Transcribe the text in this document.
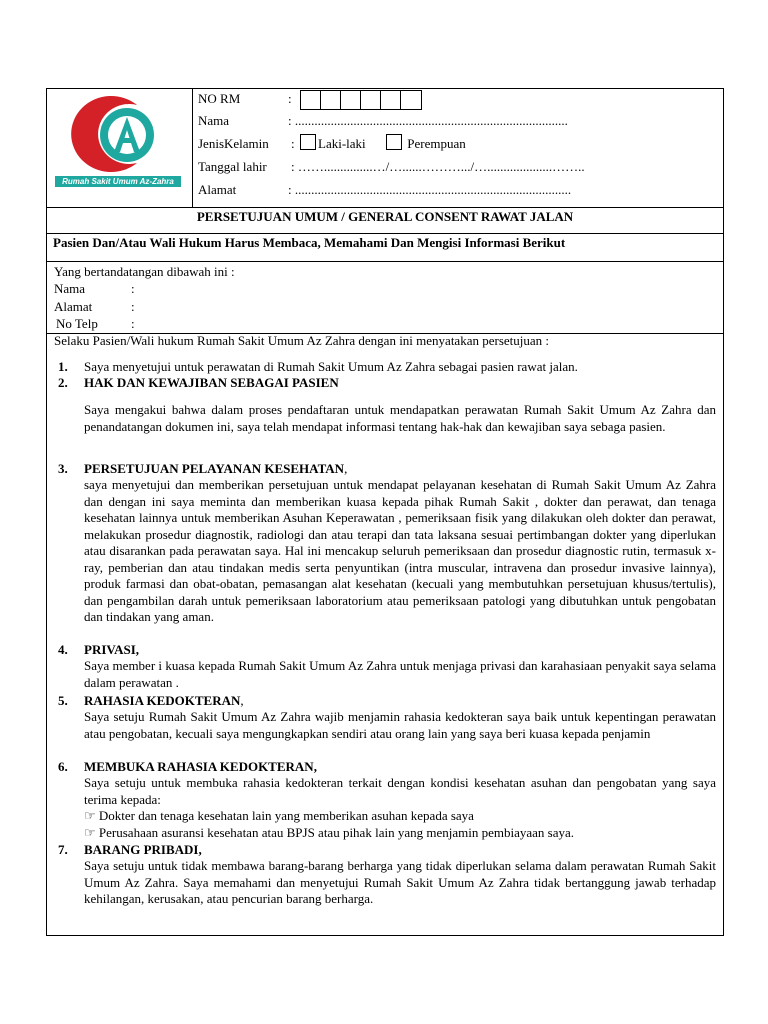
Rumah Sakit Umum Az-Zahra
NO RM	:
Nama	: ....................................................................................
JenisKelamin :	Laki-laki	Perempuan
Tanggal lahir : ……...............…/…......……….../…....................……..
Alamat	: .....................................................................................
PERSETUJUAN UMUM / GENERAL CONSENT RAWAT JALAN
Pasien Dan/Atau Wali Hukum Harus Membaca, Memahami Dan Mengisi Informasi Berikut
Yang bertandatangan dibawah ini :
Nama	:
Alamat	:
No Telp	:
Selaku Pasien/Wali hukum Rumah Sakit Umum Az Zahra dengan ini menyatakan persetujuan :
1. Saya menyetujui untuk perawatan di Rumah Sakit Umum Az Zahra sebagai pasien rawat jalan.
2. HAK DAN KEWAJIBAN SEBAGAI PASIEN
Saya mengakui bahwa dalam proses pendaftaran untuk mendapatkan perawatan Rumah Sakit Umum Az Zahra dan penandatangan dokumen ini, saya telah mendapat informasi tentang hak-hak dan kewajiban saya sebaga pasien.
3. PERSETUJUAN PELAYANAN KESEHATAN,
saya menyetujui dan memberikan persetujuan untuk mendapat pelayanan kesehatan di Rumah Sakit Umum Az Zahra dan dengan ini saya meminta dan memberikan kuasa kepada pihak Rumah Sakit , dokter dan perawat, dan tenaga kesehatan lainnya untuk memberikan Asuhan Keperawatan , pemeriksaan fisik yang dilakukan oleh dokter dan perawat, melakukan prosedur diagnostik, radiologi dan atau terapi dan tata laksana sesuai pertimbangan dokter yang diperlukan atau disarankan pada perawatan saya. Hal ini mencakup seluruh pemeriksaan dan prosedur diagnostic rutin, termasuk x- ray, pemberian dan atau tindakan medis serta penyuntikan (intra muscular, intravena dan prosedur invasive lainnya), produk farmasi dan obat-obatan, pemasangan alat kesehatan (kecuali yang membutuhkan persetujuan khusus/tertulis), dan pengambilan darah untuk pemeriksaan laboratorium atau pemeriksaan patologi yang dibutuhkan untuk pengobatan dan tindakan yang aman.
4. PRIVASI,
Saya member i kuasa kepada Rumah Sakit Umum Az Zahra untuk menjaga privasi dan karahasiaan penyakit saya selama dalam perawatan .
5. RAHASIA KEDOKTERAN,
Saya setuju Rumah Sakit Umum Az Zahra wajib menjamin rahasia kedokteran saya baik untuk kepentingan perawatan atau pengobatan, kecuali saya mengungkapkan sendiri atau orang lain yang saya beri kuasa kepada penjamin
6. MEMBUKA RAHASIA KEDOKTERAN,
Saya setuju untuk membuka rahasia kedokteran terkait dengan kondisi kesehatan asuhan dan pengobatan yang saya terima kepada:
☞ Dokter dan tenaga kesehatan lain yang memberikan asuhan kepada saya
☞ Perusahaan asuransi kesehatan atau BPJS atau pihak lain yang menjamin pembiayaan saya.
7. BARANG PRIBADI,
Saya setuju untuk tidak membawa barang-barang berharga yang tidak diperlukan selama dalam perawatan Rumah Sakit Umum Az Zahra. Saya memahami dan menyetujui Rumah Sakit Umum Az Zahra tidak bertanggung jawab terhadap kehilangan, kerusakan, atau pencurian barang berharga.
